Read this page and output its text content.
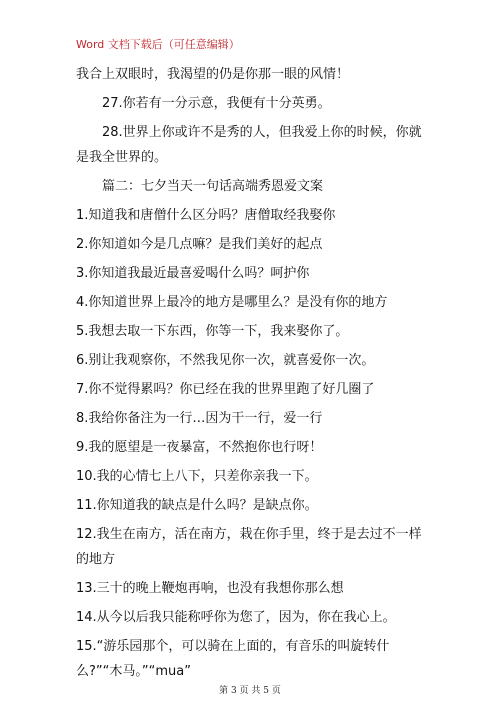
Word 文档下载后（可任意编辑）

我合上双眼时，我渴望的仍是你那一眼的风情！

27.你若有一分示意，我便有十分英勇。

28.世界上你或许不是秀的人，但我爱上你的时候，你就是我全世界的。

篇二：七夕当天一句话高端秀恩爱文案

1.知道我和唐僧什么区分吗？唐僧取经我娶你

2.你知道如今是几点嘛？是我们美好的起点

3.你知道我最近最喜爱喝什么吗？呵护你

4.你知道世界上最冷的地方是哪里么？是没有你的地方

5.我想去取一下东西，你等一下，我来娶你了。

6.别让我观察你，不然我见你一次，就喜爱你一次。

7.你不觉得累吗？你已经在我的世界里跑了好几圈了

8.我给你备注为一行…因为干一行，爱一行

9.我的愿望是一夜暴富，不然抱你也行呀！

10.我的心情七上八下，只差你亲我一下。

11.你知道我的缺点是什么吗？是缺点你。

12.我生在南方，活在南方，栽在你手里，终于是去过不一样的地方

13.三十的晚上鞭炮再响，也没有我想你那么想

14.从今以后我只能称呼你为您了，因为，你在我心上。

15.“游乐园那个，可以骑在上面的，有音乐的叫旋转什么?”“木马。”“mua”

第 3 页 共 5 页
